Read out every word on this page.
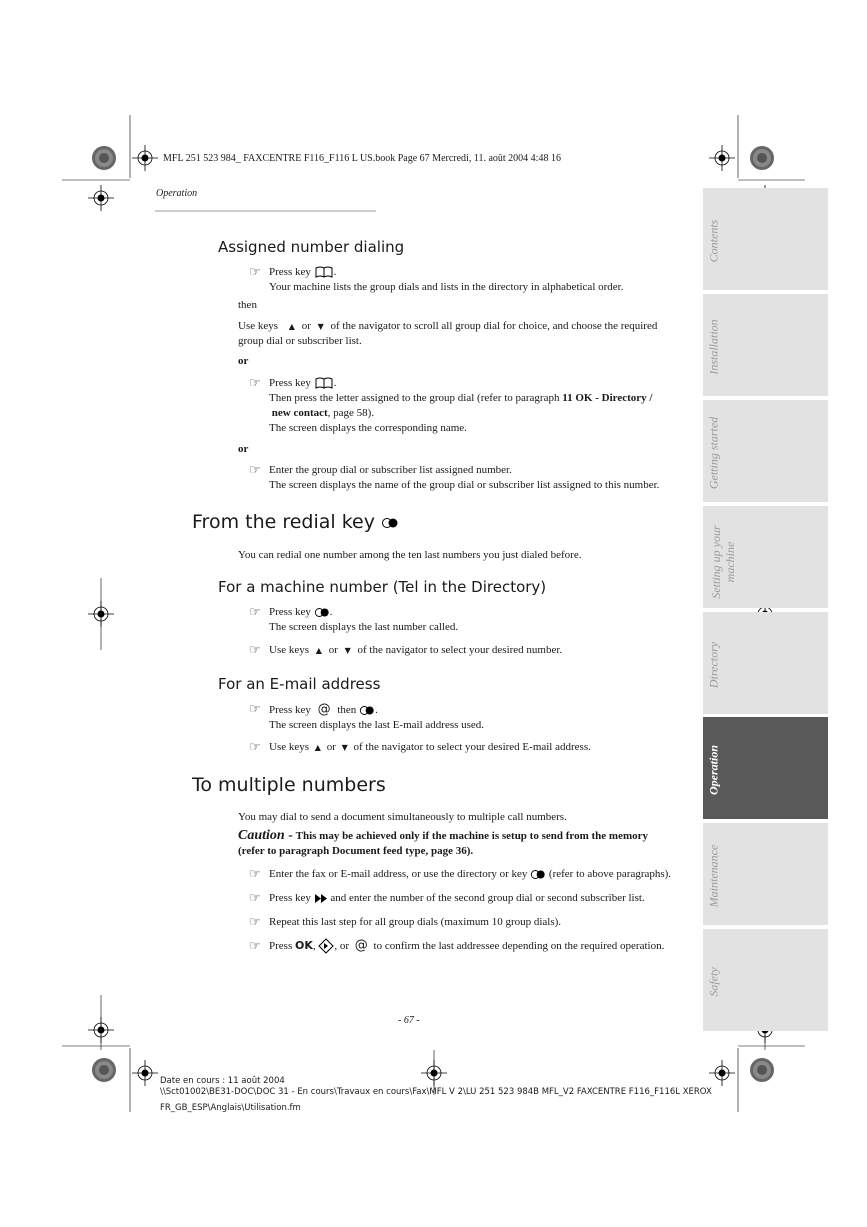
MFL 251 523 984_ FAXCENTRE F116_F116 L US.book Page 67 Mercredi, 11. août 2004 4:48 16
Operation
Contents
Installation
Getting started
Setting up your machine
Directory
Operation
Maintenance
Safety
Assigned number dialing
☞ Press key .
Your machine lists the group dials and lists in the directory in alphabetical order.
then
Use keys ▲ or ▼ of the navigator to scroll all group dial for choice, and choose the required
group dial or subscriber list.
or
☞ Press key .
Then press the letter assigned to the group dial (refer to paragraph 11 OK - Directory /
new contact, page 58).
The screen displays the corresponding name.
or
☞ Enter the group dial or subscriber list assigned number.
The screen displays the name of the group dial or subscriber list assigned to this number.
From the redial key
You can redial one number among the ten last numbers you just dialed before.
For a machine number (Tel in the Directory)
☞ Press key .
The screen displays the last number called.
☞ Use keys ▲ or ▼ of the navigator to select your desired number.
For an E-mail address
☞ Press key @ then .
The screen displays the last E-mail address used.
☞ Use keys ▲ or ▼ of the navigator to select your desired E-mail address.
To multiple numbers
You may dial to send a document simultaneously to multiple call numbers.
Caution - This may be achieved only if the machine is setup to send from the memory
(refer to paragraph Document feed type, page 36).
☞ Enter the fax or E-mail address, or use the directory or key (refer to above paragraphs).
☞ Press key and enter the number of the second group dial or second subscriber list.
☞ Repeat this last step for all group dials (maximum 10 group dials).
☞ Press OK, , or @ to confirm the last addressee depending on the required operation.
- 67 -
Date en cours : 11 août 2004
\\Sct01002\BE31-DOC\DOC 31 - En cours\Travaux en cours\Fax\MFL V 2\LU 251 523 984B MFL_V2 FAXCENTRE F116_F116L XEROX
FR_GB_ESP\Anglais\Utilisation.fm
